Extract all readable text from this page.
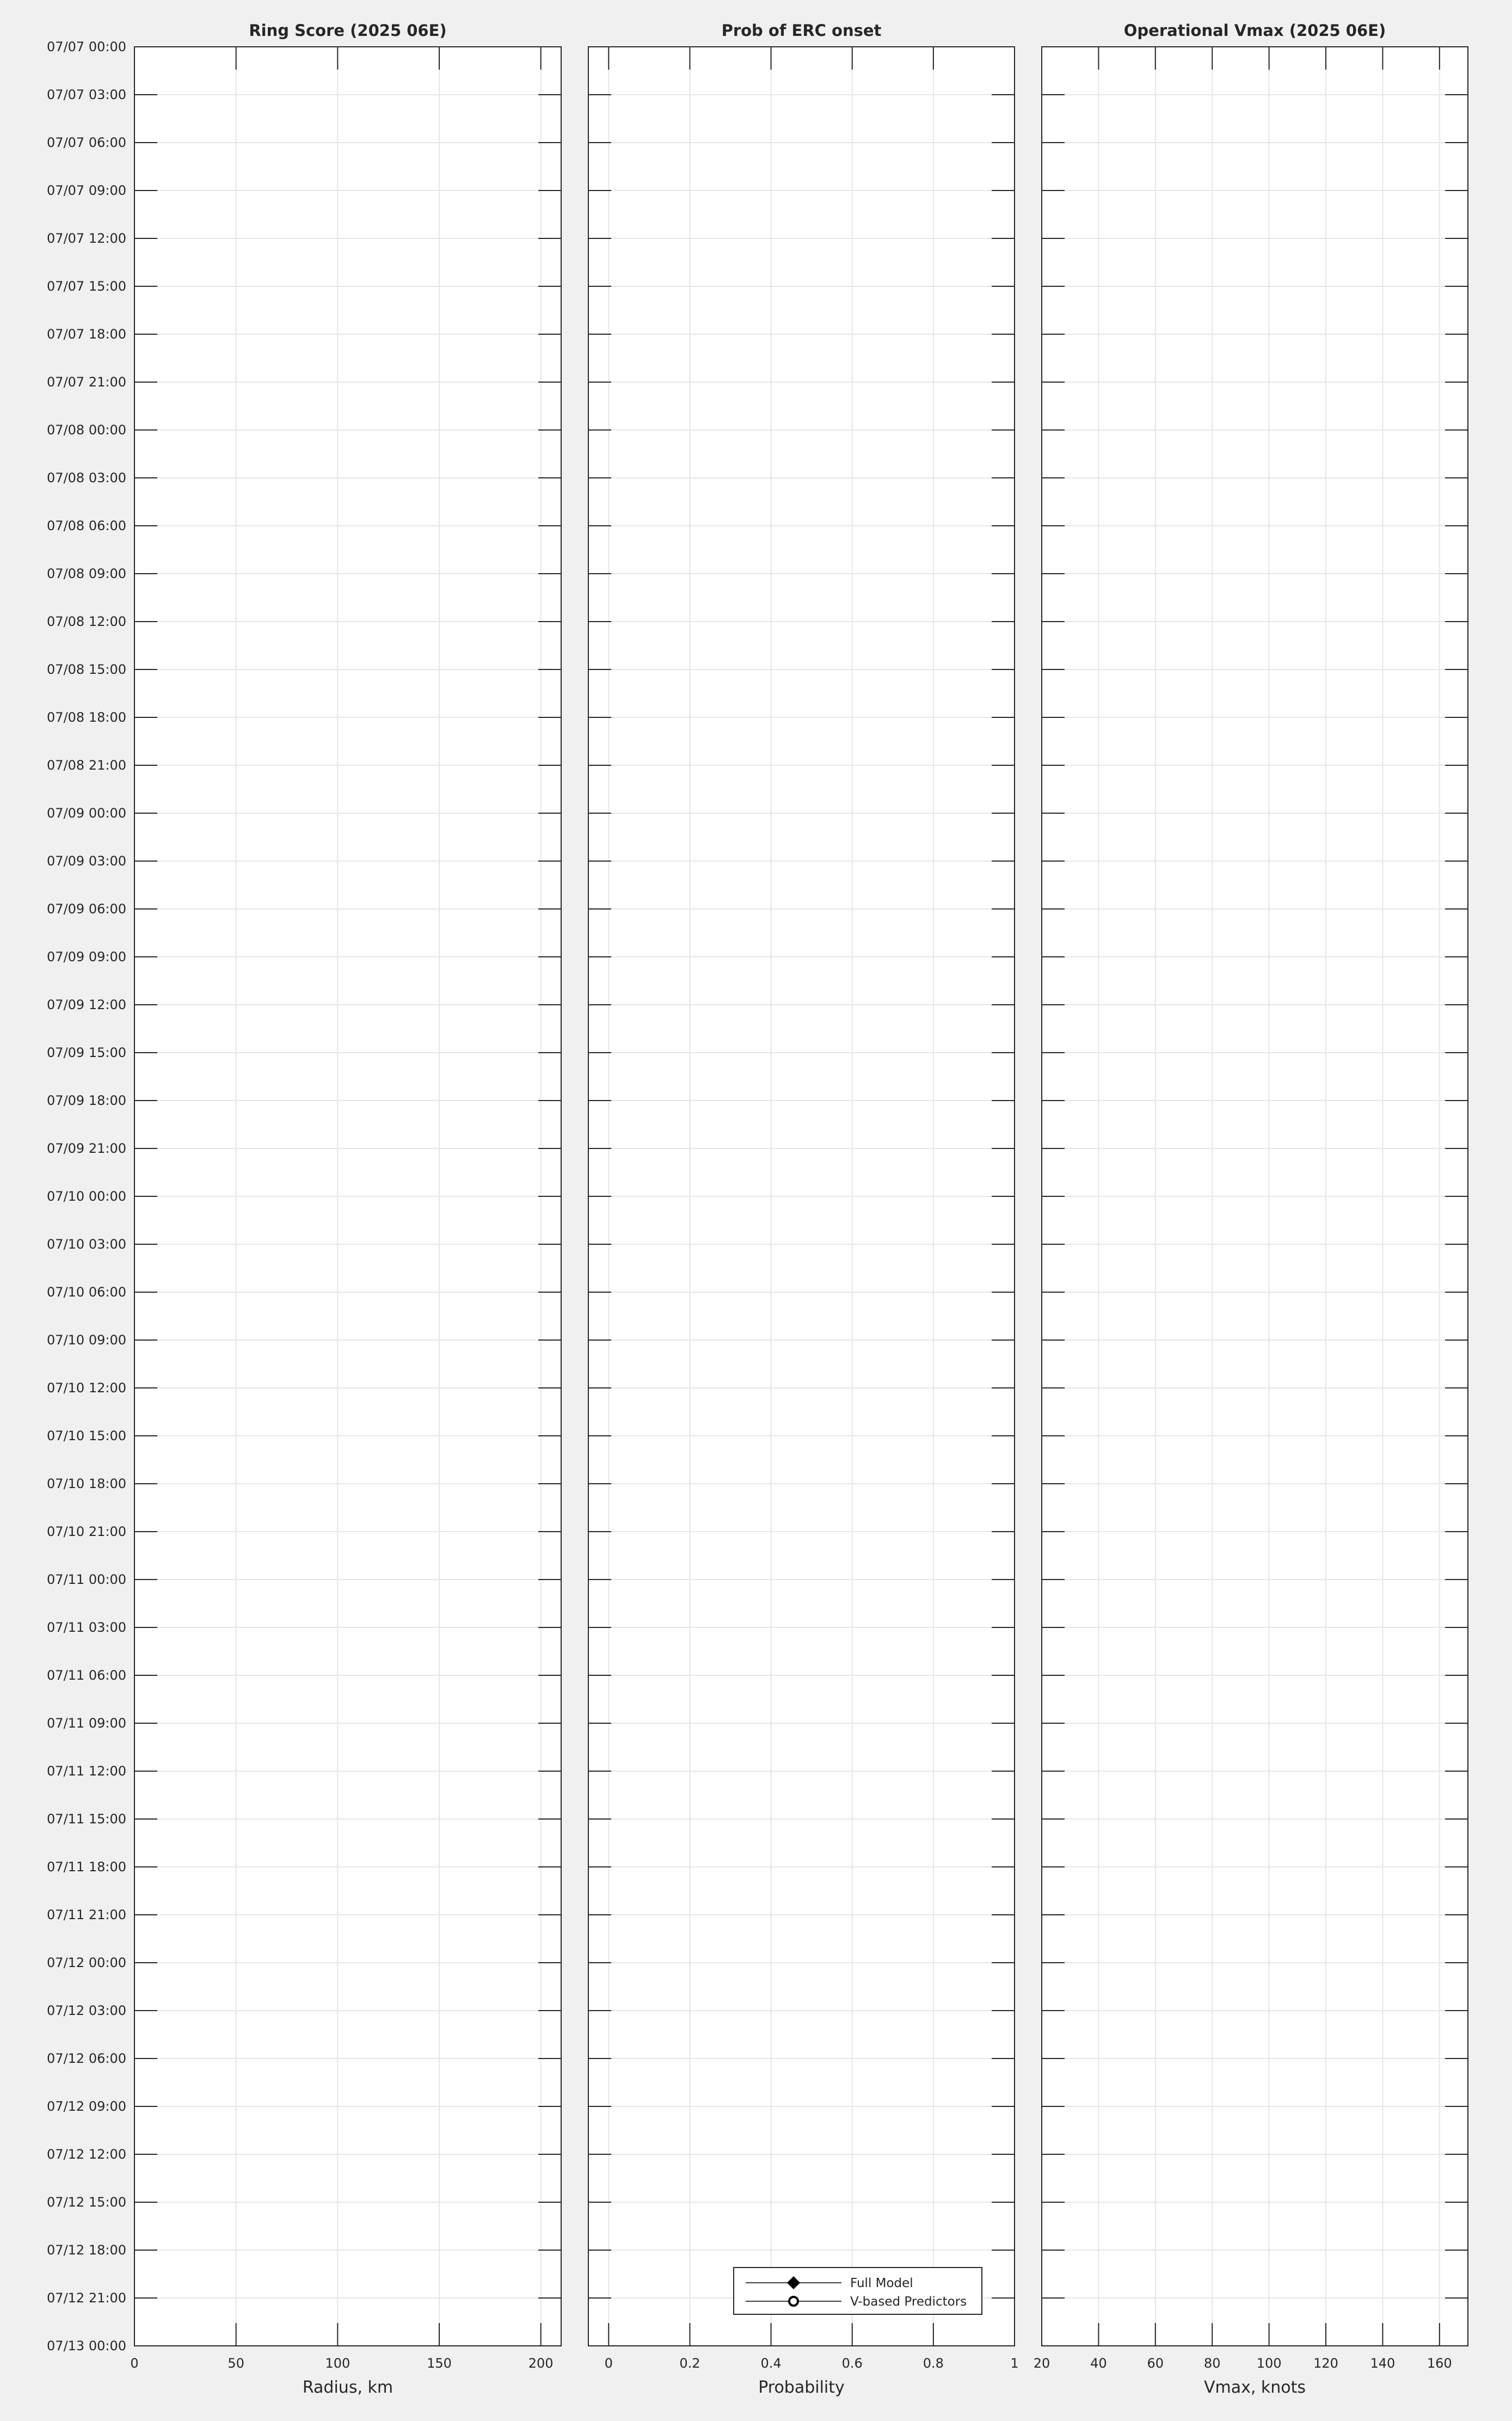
07/07 00:00
07/07 03:00
07/07 06:00
07/07 09:00
07/07 12:00
07/07 15:00
07/07 18:00
07/07 21:00
07/08 00:00
07/08 03:00
07/08 06:00
07/08 09:00
07/08 12:00
07/08 15:00
07/08 18:00
07/08 21:00
07/09 00:00
07/09 03:00
07/09 06:00
07/09 09:00
07/09 12:00
07/09 15:00
07/09 18:00
07/09 21:00
07/10 00:00
07/10 03:00
07/10 06:00
07/10 09:00
07/10 12:00
07/10 15:00
07/10 18:00
07/10 21:00
07/11 00:00
07/11 03:00
07/11 06:00
07/11 09:00
07/11 12:00
07/11 15:00
07/11 18:00
07/11 21:00
07/12 00:00
07/12 03:00
07/12 06:00
07/12 09:00
07/12 12:00
07/12 15:00
07/12 18:00
07/12 21:00
07/13 00:00
0	50	100	150	200
Ring Score (2025 06E)
Radius, km
0	0.2	0.4	0.6	0.8	1
Prob of ERC onset
Probability
Full Model
V-based Predictors
20	40	60	80	100 120 140 160
Operational Vmax (2025 06E)
Vmax, knots
